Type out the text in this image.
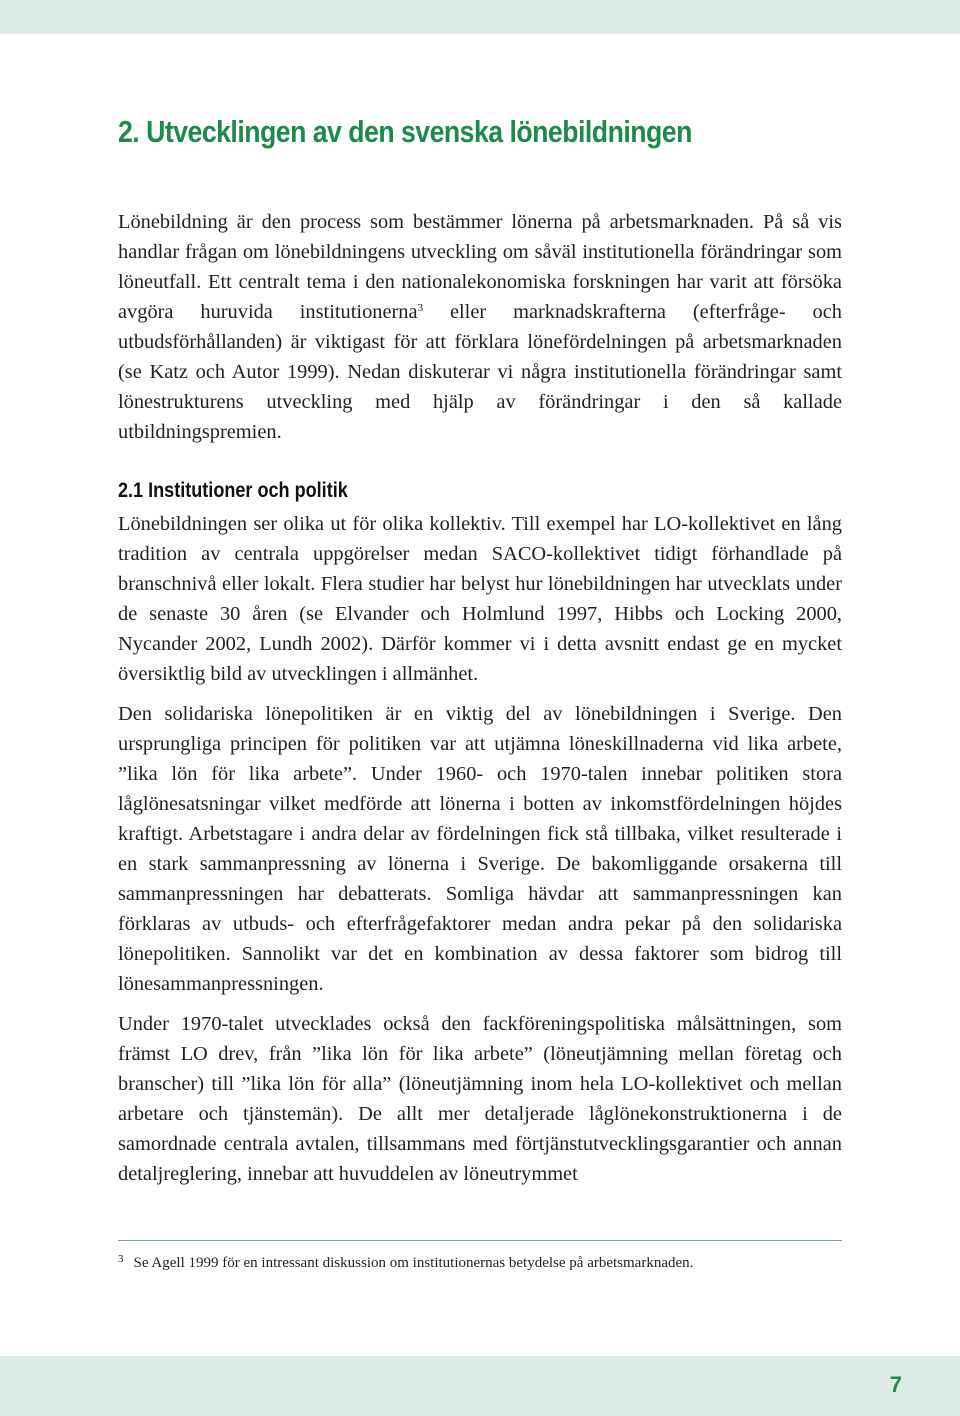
2. Utvecklingen av den svenska lönebildningen

Lönebildning är den process som bestämmer lönerna på arbetsmarknaden. På så vis handlar frågan om lönebildningens utveckling om såväl institutionella förändringar som löneutfall. Ett centralt tema i den nationalekonomiska forskningen har varit att försöka avgöra huruvida institutionerna$^3$ eller marknadskrafterna (efterfråge- och utbudsförhållanden) är viktigast för att förklara lönefördelningen på arbetsmarknaden (se Katz och Autor 1999). Nedan diskuterar vi några institutionella förändringar samt lönestrukturens utveckling med hjälp av förändringar i den så kallade utbildningspremien.

2.1 Institutioner och politik

Lönebildningen ser olika ut för olika kollektiv. Till exempel har LO-kollektivet en lång tradition av centrala uppgörelser medan SACO-kollektivet tidigt förhandlade på branschnivå eller lokalt. Flera studier har belyst hur lönebildningen har utvecklats under de senaste 30 åren (se Elvander och Holmlund 1997, Hibbs och Locking 2000, Nycander 2002, Lundh 2002). Därför kommer vi i detta avsnitt endast ge en mycket översiktlig bild av utvecklingen i allmänhet.

Den solidariska lönepolitiken är en viktig del av lönebildningen i Sverige. Den ursprungliga principen för politiken var att utjämna löneskillnaderna vid lika arbete, ”lika lön för lika arbete”. Under 1960- och 1970-talen innebar politiken stora låglönesatsningar vilket medförde att lönerna i botten av inkomstfördelningen höjdes kraftigt. Arbetstagare i andra delar av fördelningen fick stå tillbaka, vilket resulterade i en stark sammanpressning av lönerna i Sverige. De bakomliggande orsakerna till sammanpressningen har debatterats. Somliga hävdar att sammanpressningen kan förklaras av utbuds- och efterfrågefaktorer medan andra pekar på den solidariska lönepolitiken. Sannolikt var det en kombination av dessa faktorer som bidrog till lönesammanpressningen.

Under 1970-talet utvecklades också den fackföreningspolitiska målsättningen, som främst LO drev, från ”lika lön för lika arbete” (löneutjämning mellan företag och branscher) till ”lika lön för alla” (löneutjämning inom hela LO-kollektivet och mellan arbetare och tjänstemän). De allt mer detaljerade låglönekonstruktionerna i de samordnade centrala avtalen, tillsammans med förtjänstutvecklingsgarantier och annan detaljreglering, innebar att huvuddelen av löneutrymmet

$^3$ Se Agell 1999 för en intressant diskussion om institutionernas betydelse på arbetsmarknaden.
7
